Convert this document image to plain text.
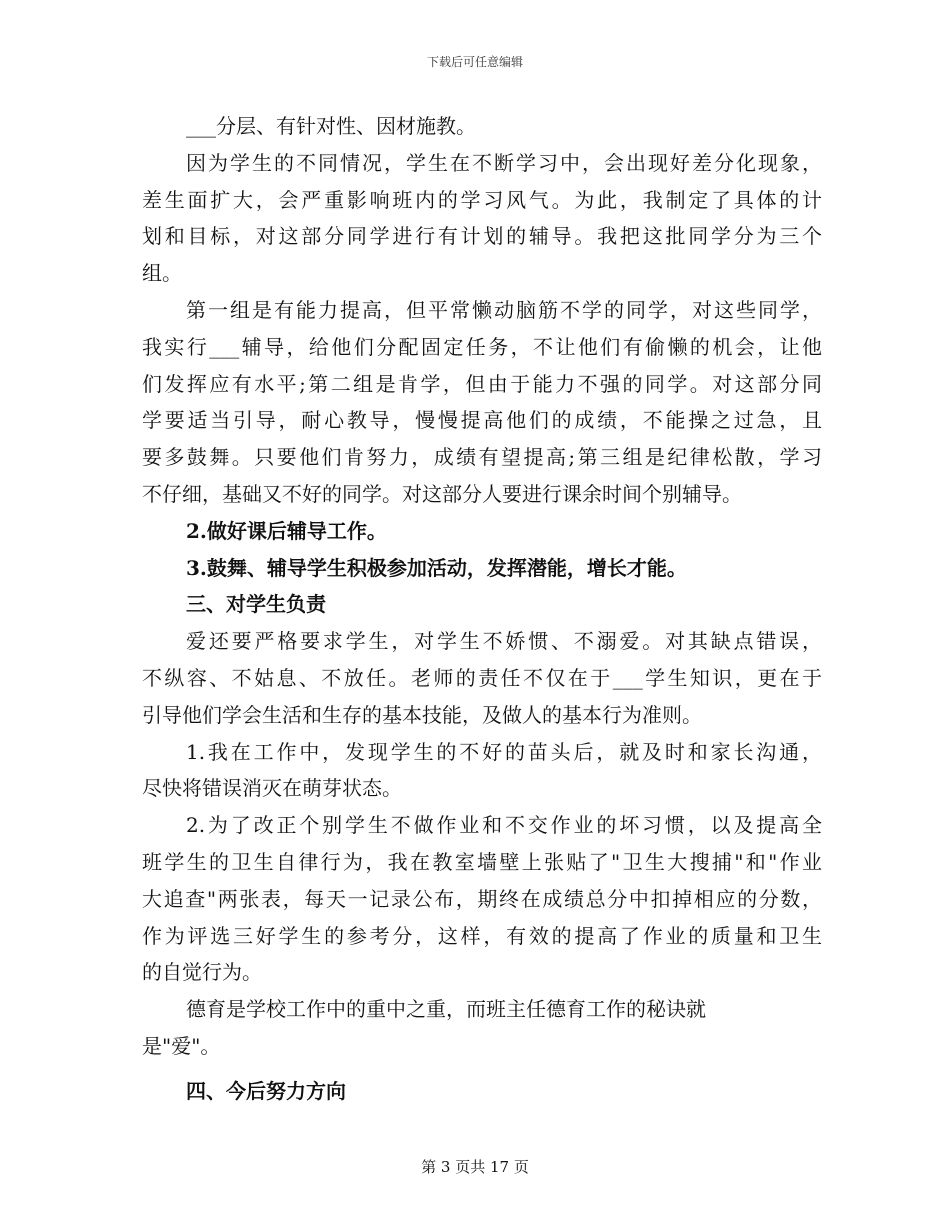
下载后可任意编辑
___分层、有针对性、因材施教。
因为学生的不同情况，学生在不断学习中，会出现好差分化现象，
差生面扩大，会严重影响班内的学习风气。为此，我制定了具体的计
划和目标，对这部分同学进行有计划的辅导。我把这批同学分为三个
组。
第一组是有能力提高，但平常懒动脑筋不学的同学，对这些同学，
我实行___辅导，给他们分配固定任务，不让他们有偷懒的机会，让他
们发挥应有水平;第二组是肯学，但由于能力不强的同学。对这部分同
学要适当引导，耐心教导，慢慢提高他们的成绩，不能操之过急，且
要多鼓舞。只要他们肯努力，成绩有望提高;第三组是纪律松散，学习
不仔细，基础又不好的同学。对这部分人要进行课余时间个别辅导。
2.做好课后辅导工作。
3.鼓舞、辅导学生积极参加活动，发挥潜能，增长才能。
三、对学生负责
爱还要严格要求学生，对学生不娇惯、不溺爱。对其缺点错误，
不纵容、不姑息、不放任。老师的责任不仅在于___学生知识，更在于
引导他们学会生活和生存的基本技能，及做人的基本行为准则。
1.我在工作中，发现学生的不好的苗头后，就及时和家长沟通，
尽快将错误消灭在萌芽状态。
2.为了改正个别学生不做作业和不交作业的坏习惯，以及提高全
班学生的卫生自律行为，我在教室墙壁上张贴了"卫生大搜捕"和"作业
大追查"两张表，每天一记录公布，期终在成绩总分中扣掉相应的分数，
作为评选三好学生的参考分，这样，有效的提高了作业的质量和卫生
的自觉行为。
德育是学校工作中的重中之重，而班主任德育工作的秘诀就
是"爱"。
四、今后努力方向
第 3 页共 17 页
